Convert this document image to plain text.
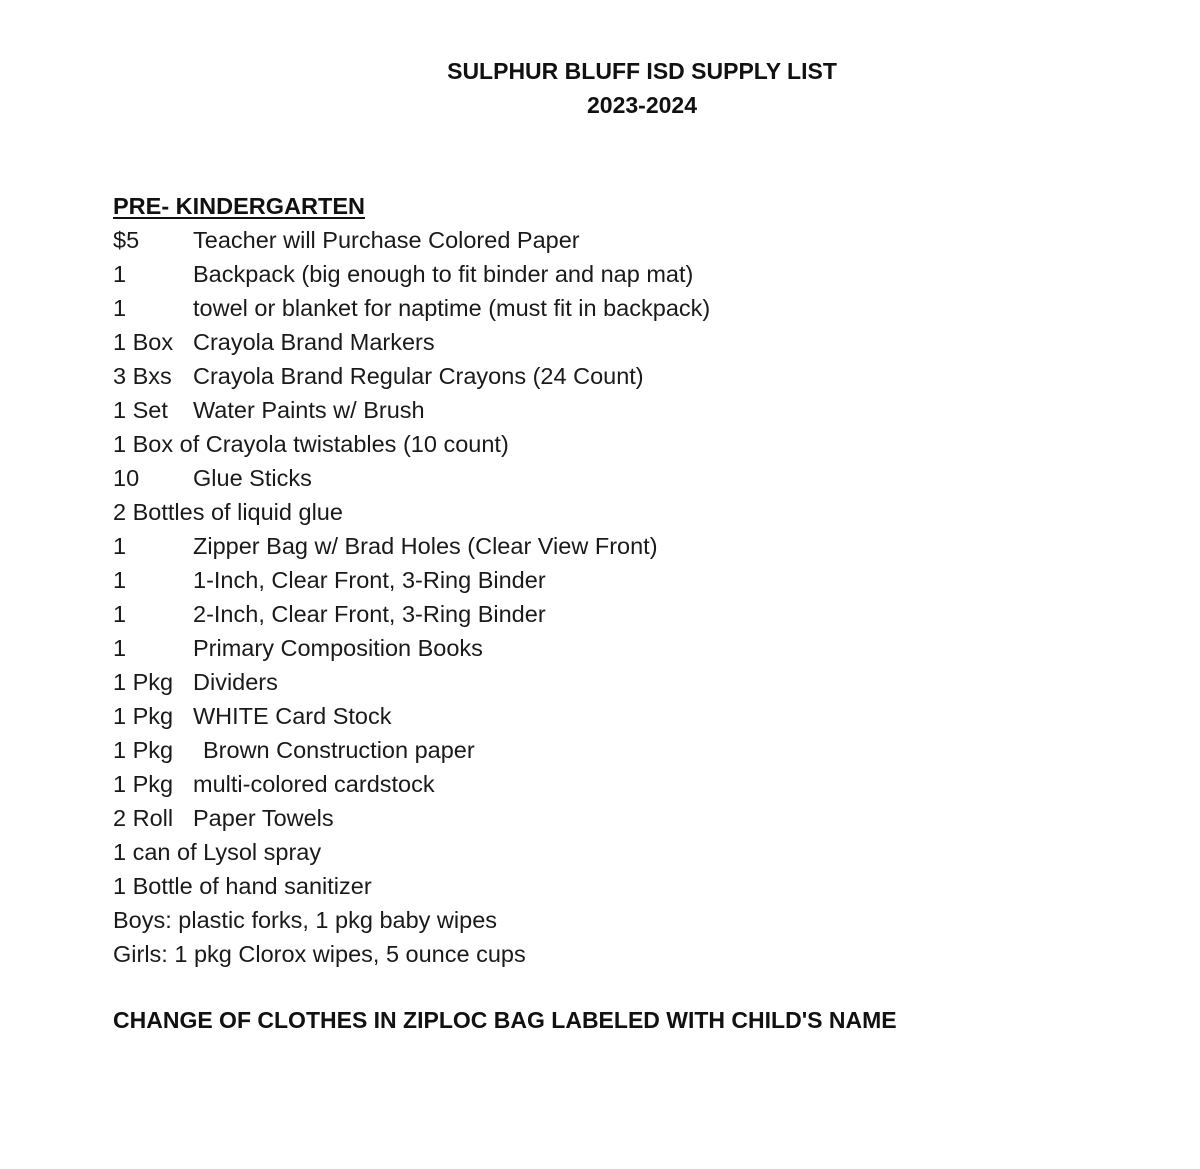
SULPHUR BLUFF ISD SUPPLY LIST
2023-2024
PRE- KINDERGARTEN
$5 Teacher will Purchase Colored Paper
1	Backpack (big enough to fit binder and nap mat)
1	towel or blanket for naptime (must fit in backpack)
1 Box Crayola Brand Markers
3 Bxs Crayola Brand Regular Crayons (24 Count)
1 Set Water Paints w/ Brush
1 Box of Crayola twistables (10 count)
10 Glue Sticks
2 Bottles of liquid glue
1	Zipper Bag w/ Brad Holes (Clear View Front)
1	1-Inch, Clear Front, 3-Ring Binder
1	2-Inch, Clear Front, 3-Ring Binder
1	Primary Composition Books
1 Pkg Dividers
1 Pkg WHITE Card Stock
1 Pkg Brown Construction paper
1 Pkg multi-colored cardstock
2 Roll Paper Towels
1 can of Lysol spray
1 Bottle of hand sanitizer
Boys: plastic forks, 1 pkg baby wipes
Girls: 1 pkg Clorox wipes, 5 ounce cups
CHANGE OF CLOTHES IN ZIPLOC BAG LABELED WITH CHILD'S NAME
